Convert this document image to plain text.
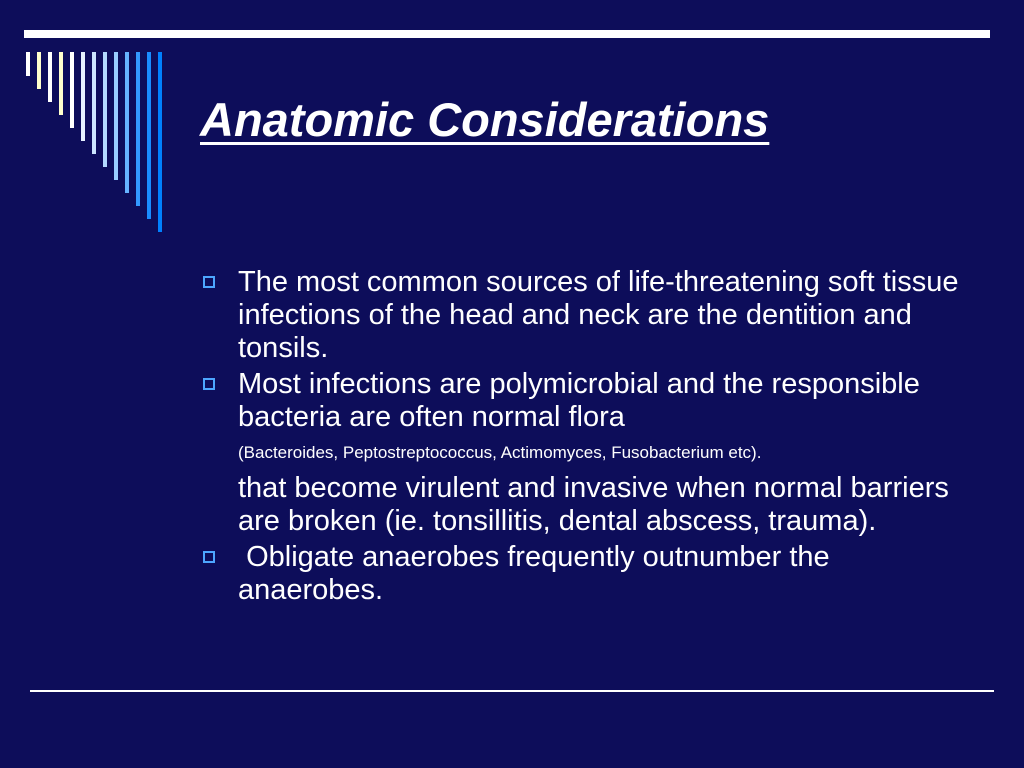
Anatomic Considerations
The most common sources of life-threatening soft tissue infections of the head and neck are the dentition and tonsils.
Most infections are polymicrobial and the responsible bacteria are often normal flora
(Bacteroides, Peptostreptococcus, Actimomyces, Fusobacterium etc).
that become virulent and invasive when normal barriers are broken (ie. tonsillitis, dental abscess, trauma).
Obligate anaerobes frequently outnumber the anaerobes.
